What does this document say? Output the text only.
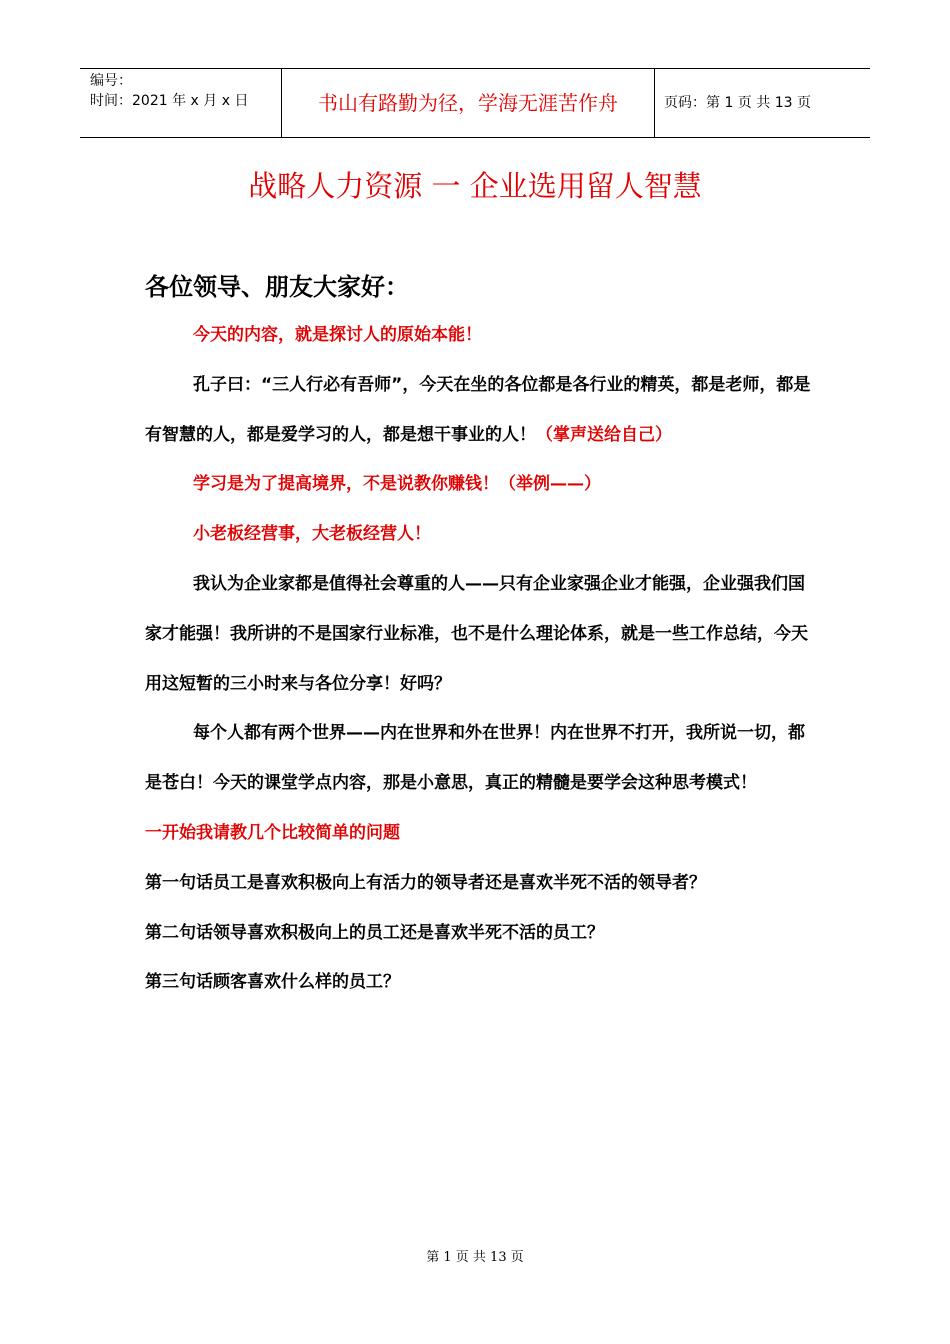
编号：
时间：2021 年 x 月 x 日	书山有路勤为径，学海无涯苦作舟	页码：第 1 页 共 13 页
战略人力资源 一 企业选用留人智慧
各位领导、朋友大家好：

今天的内容，就是探讨人的原始本能！

孔子曰：“三人行必有吾师”，今天在坐的各位都是各行业的精英，都是老师，都是有智慧的人，都是爱学习的人，都是想干事业的人！（掌声送给自己）

学习是为了提高境界，不是说教你赚钱！（举例——）

小老板经营事，大老板经营人！

我认为企业家都是值得社会尊重的人——只有企业家强企业才能强，企业强我们国家才能强！我所讲的不是国家行业标准，也不是什么理论体系，就是一些工作总结，今天用这短暂的三小时来与各位分享！好吗？

每个人都有两个世界——内在世界和外在世界！内在世界不打开，我所说一切，都是苍白！今天的课堂学点内容，那是小意思，真正的精髓是要学会这种思考模式！

一开始我请教几个比较简单的问题

第一句话员工是喜欢积极向上有活力的领导者还是喜欢半死不活的领导者？

第二句话领导喜欢积极向上的员工还是喜欢半死不活的员工？

第三句话顾客喜欢什么样的员工？

第 1 页 共 13 页
